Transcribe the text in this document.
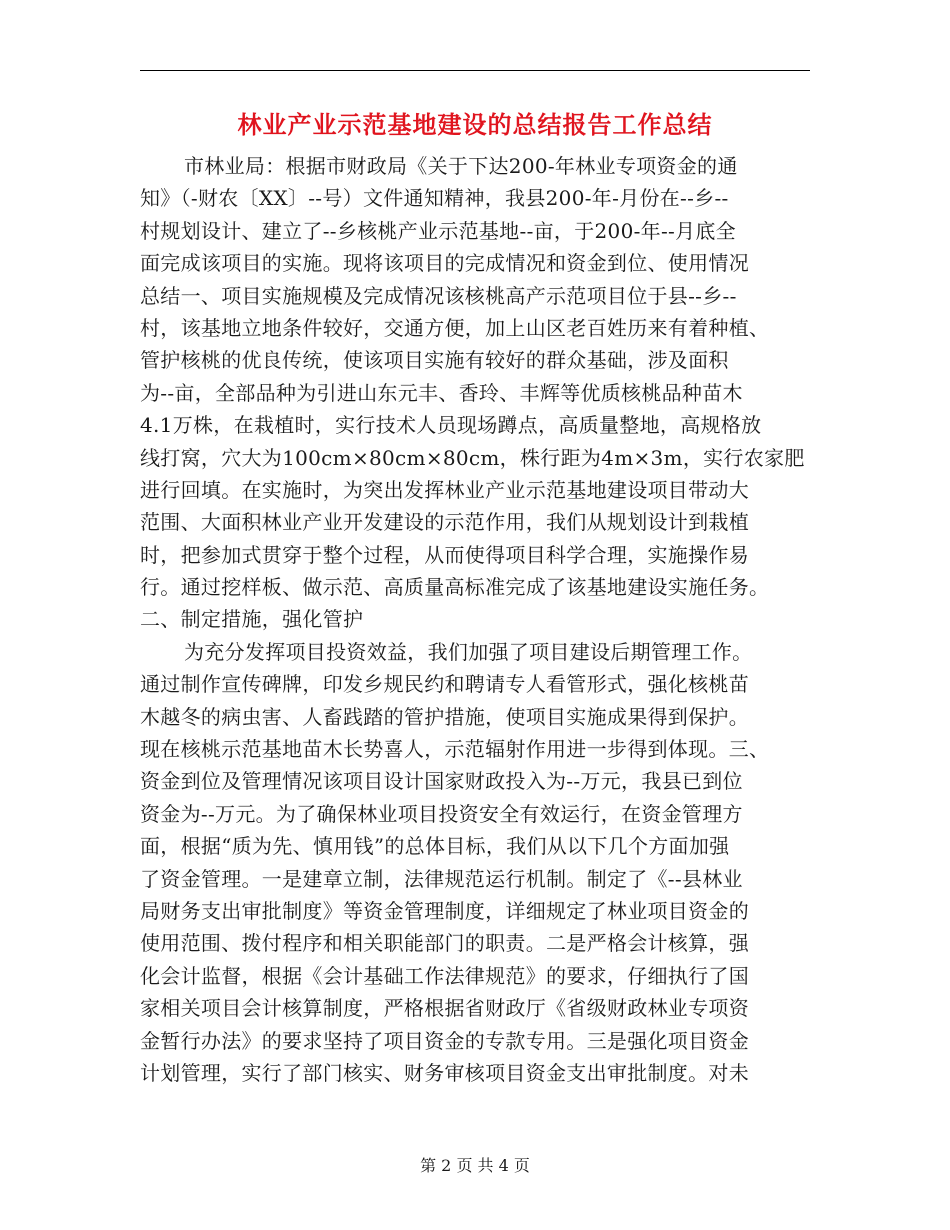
林业产业示范基地建设的总结报告工作总结
市林业局：根据市财政局《关于下达200-年林业专项资金的通
知》（-财农〔XX〕--号）文件通知精神，我县200-年-月份在--乡--
村规划设计、建立了--乡核桃产业示范基地--亩，于200-年--月底全
面完成该项目的实施。现将该项目的完成情况和资金到位、使用情况
总结一、项目实施规模及完成情况该核桃高产示范项目位于县--乡--
村，该基地立地条件较好，交通方便，加上山区老百姓历来有着种植、
管护核桃的优良传统，使该项目实施有较好的群众基础，涉及面积
为--亩，全部品种为引进山东元丰、香玲、丰辉等优质核桃品种苗木
4.1万株，在栽植时，实行技术人员现场蹲点，高质量整地，高规格放
线打窝，穴大为100cm×80cm×80cm，株行距为4m×3m，实行农家肥
进行回填。在实施时，为突出发挥林业产业示范基地建设项目带动大
范围、大面积林业产业开发建设的示范作用，我们从规划设计到栽植
时，把参加式贯穿于整个过程，从而使得项目科学合理，实施操作易
行。通过挖样板、做示范、高质量高标准完成了该基地建设实施任务。
二、制定措施，强化管护
为充分发挥项目投资效益，我们加强了项目建设后期管理工作。
通过制作宣传碑牌，印发乡规民约和聘请专人看管形式，强化核桃苗
木越冬的病虫害、人畜践踏的管护措施，使项目实施成果得到保护。
现在核桃示范基地苗木长势喜人，示范辐射作用进一步得到体现。三、
资金到位及管理情况该项目设计国家财政投入为--万元，我县已到位
资金为--万元。为了确保林业项目投资安全有效运行，在资金管理方
面，根据“质为先、慎用钱”的总体目标，我们从以下几个方面加强
了资金管理。一是建章立制，法律规范运行机制。制定了《--县林业
局财务支出审批制度》等资金管理制度，详细规定了林业项目资金的
使用范围、拨付程序和相关职能部门的职责。二是严格会计核算，强
化会计监督，根据《会计基础工作法律规范》的要求，仔细执行了国
家相关项目会计核算制度，严格根据省财政厅《省级财政林业专项资
金暂行办法》的要求坚持了项目资金的专款专用。三是强化项目资金
计划管理，实行了部门核实、财务审核项目资金支出审批制度。对未
第 2 页 共 4 页
